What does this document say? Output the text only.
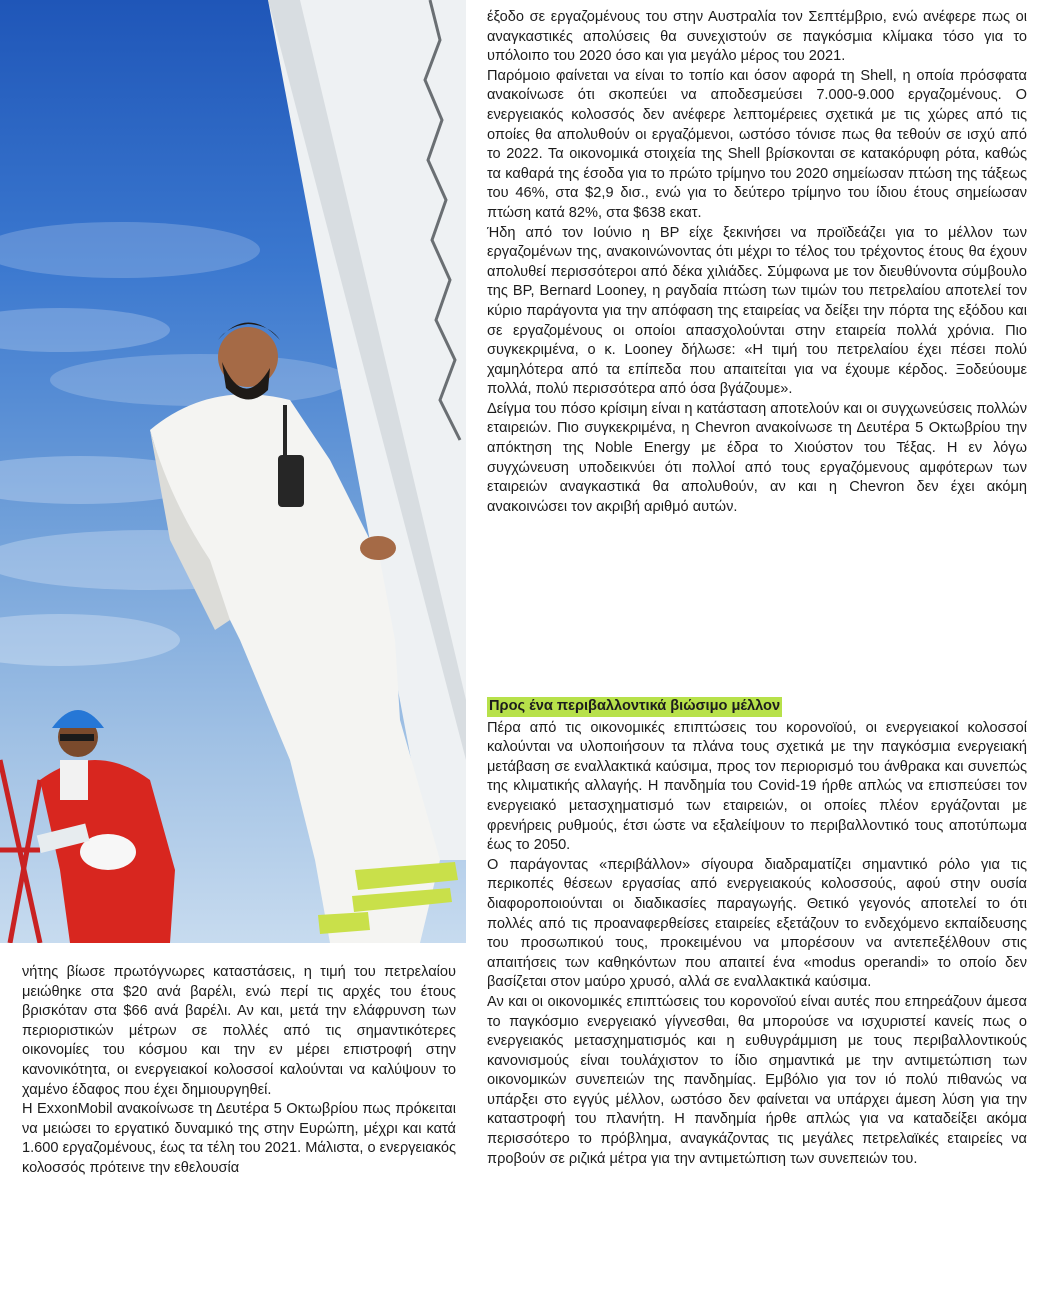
έξοδο σε εργαζομένους του στην Αυστραλία τον Σεπτέμβριο, ενώ ανέφερε πως οι αναγκαστικές απολύσεις θα συνεχιστούν σε παγκόσμια κλίμακα τόσο για το υπόλοιπο του 2020 όσο και για μεγάλο μέρος του 2021.

Παρόμοιο φαίνεται να είναι το τοπίο και όσον αφορά τη Shell, η οποία πρόσφατα ανακοίνωσε ότι σκοπεύει να αποδεσμεύσει 7.000-9.000 εργαζομένους. Ο ενεργειακός κολοσσός δεν ανέφερε λεπτομέρειες σχετικά με τις χώρες από τις οποίες θα απολυθούν οι εργαζόμενοι, ωστόσο τόνισε πως θα τεθούν σε ισχύ από το 2022. Τα οικονομικά στοιχεία της Shell βρίσκονται σε κατακόρυφη ρότα, καθώς τα καθαρά της έσοδα για το πρώτο τρίμηνο του 2020 σημείωσαν πτώση της τάξεως του 46%, στα $2,9 δισ., ενώ για το δεύτερο τρίμηνο του ίδιου έτους σημείωσαν πτώση κατά 82%, στα $638 εκατ.

Ήδη από τον Ιούνιο η BP είχε ξεκινήσει να προϊδεάζει για το μέλλον των εργαζομένων της, ανακοινώνοντας ότι μέχρι το τέλος του τρέχοντος έτους θα έχουν απολυθεί περισσότεροι από δέκα χιλιάδες. Σύμφωνα με τον διευθύνοντα σύμβουλο της BP, Bernard Looney, η ραγδαία πτώση των τιμών του πετρελαίου αποτελεί τον κύριο παράγοντα για την απόφαση της εταιρείας να δείξει την πόρτα της εξόδου και σε εργαζομένους οι οποίοι απασχολούνται στην εταιρεία πολλά χρόνια. Πιο συγκεκριμένα, ο κ. Looney δήλωσε: «Η τιμή του πετρελαίου έχει πέσει πολύ χαμηλότερα από τα επίπεδα που απαιτείται για να έχουμε κέρδος. Ξοδεύουμε πολλά, πολύ περισσότερα από όσα βγάζουμε».

Δείγμα του πόσο κρίσιμη είναι η κατάσταση αποτελούν και οι συγχωνεύσεις πολλών εταιρειών. Πιο συγκεκριμένα, η Chevron ανακοίνωσε τη Δευτέρα 5 Οκτωβρίου την απόκτηση της Noble Energy με έδρα το Χιούστον του Τέξας. Η εν λόγω συγχώνευση υποδεικνύει ότι πολλοί από τους εργαζόμενους αμφότερων των εταιρειών αναγκαστικά θα απολυθούν, αν και η Chevron δεν έχει ακόμη ανακοινώσει τον ακριβή αριθμό αυτών.

Προς ένα περιβαλλοντικά βιώσιμο μέλλον

Πέρα από τις οικονομικές επιπτώσεις του κορονοϊού, οι ενεργειακοί κολοσσοί καλούνται να υλοποιήσουν τα πλάνα τους σχετικά με την παγκόσμια ενεργειακή μετάβαση σε εναλλακτικά καύσιμα, προς τον περιορισμό του άνθρακα και συνεπώς της κλιματικής αλλαγής. Η πανδημία του Covid-19 ήρθε απλώς να επισπεύσει τον ενεργειακό μετασχηματισμό των εταιρειών, οι οποίες πλέον εργάζονται με φρενήρεις ρυθμούς, έτσι ώστε να εξαλείψουν το περιβαλλοντικό τους αποτύπωμα έως το 2050.

Ο παράγοντας «περιβάλλον» σίγουρα διαδραματίζει σημαντικό ρόλο για τις περικοπές θέσεων εργασίας από ενεργειακούς κολοσσούς, αφού στην ουσία διαφοροποιούνται οι διαδικασίες παραγωγής. Θετικό γεγονός αποτελεί το ότι πολλές από τις προαναφερθείσες εταιρείες εξετάζουν το ενδεχόμενο εκπαίδευσης του προσωπικού τους, προκειμένου να μπορέσουν να αντεπεξέλθουν στις απαιτήσεις των καθηκόντων που απαιτεί ένα «modus operandi» το οποίο δεν βασίζεται στον μαύρο χρυσό, αλλά σε εναλλακτικά καύσιμα.

Αν και οι οικονομικές επιπτώσεις του κορονοϊού είναι αυτές που επηρεάζουν άμεσα το παγκόσμιο ενεργειακό γίγνεσθαι, θα μπορούσε να ισχυριστεί κανείς πως ο ενεργειακός μετασχηματισμός και η ευθυγράμμιση με τους περιβαλλοντικούς κανονισμούς είναι τουλάχιστον το ίδιο σημαντικά με την αντιμετώπιση των οικονομικών συνεπειών της πανδημίας. Εμβόλιο για τον ιό πολύ πιθανώς να υπάρξει στο εγγύς μέλλον, ωστόσο δεν φαίνεται να υπάρχει άμεση λύση για την καταστροφή του πλανήτη. Η πανδημία ήρθε απλώς για να καταδείξει ακόμα περισσότερο το πρόβλημα, αναγκάζοντας τις μεγάλες πετρελαϊκές εταιρείες να προβούν σε ριζικά μέτρα για την αντιμετώπιση των συνεπειών του.

νήτης βίωσε πρωτόγνωρες καταστάσεις, η τιμή του πετρελαίου μειώθηκε στα $20 ανά βαρέλι, ενώ περί τις αρχές του έτους βρισκόταν στα $66 ανά βαρέλι. Αν και, μετά την ελάφρυνση των περιοριστικών μέτρων σε πολλές από τις σημαντικότερες οικονομίες του κόσμου και την εν μέρει επιστροφή στην κανονικότητα, οι ενεργειακοί κολοσσοί καλούνται να καλύψουν το χαμένο έδαφος που έχει δημιουργηθεί.

Η ExxonMobil ανακοίνωσε τη Δευτέρα 5 Οκτωβρίου πως πρόκειται να μειώσει το εργατικό δυναμικό της στην Ευρώπη, μέχρι και κατά 1.600 εργαζομένους, έως τα τέλη του 2021. Μάλιστα, ο ενεργειακός κολοσσός πρότεινε την εθελουσία
